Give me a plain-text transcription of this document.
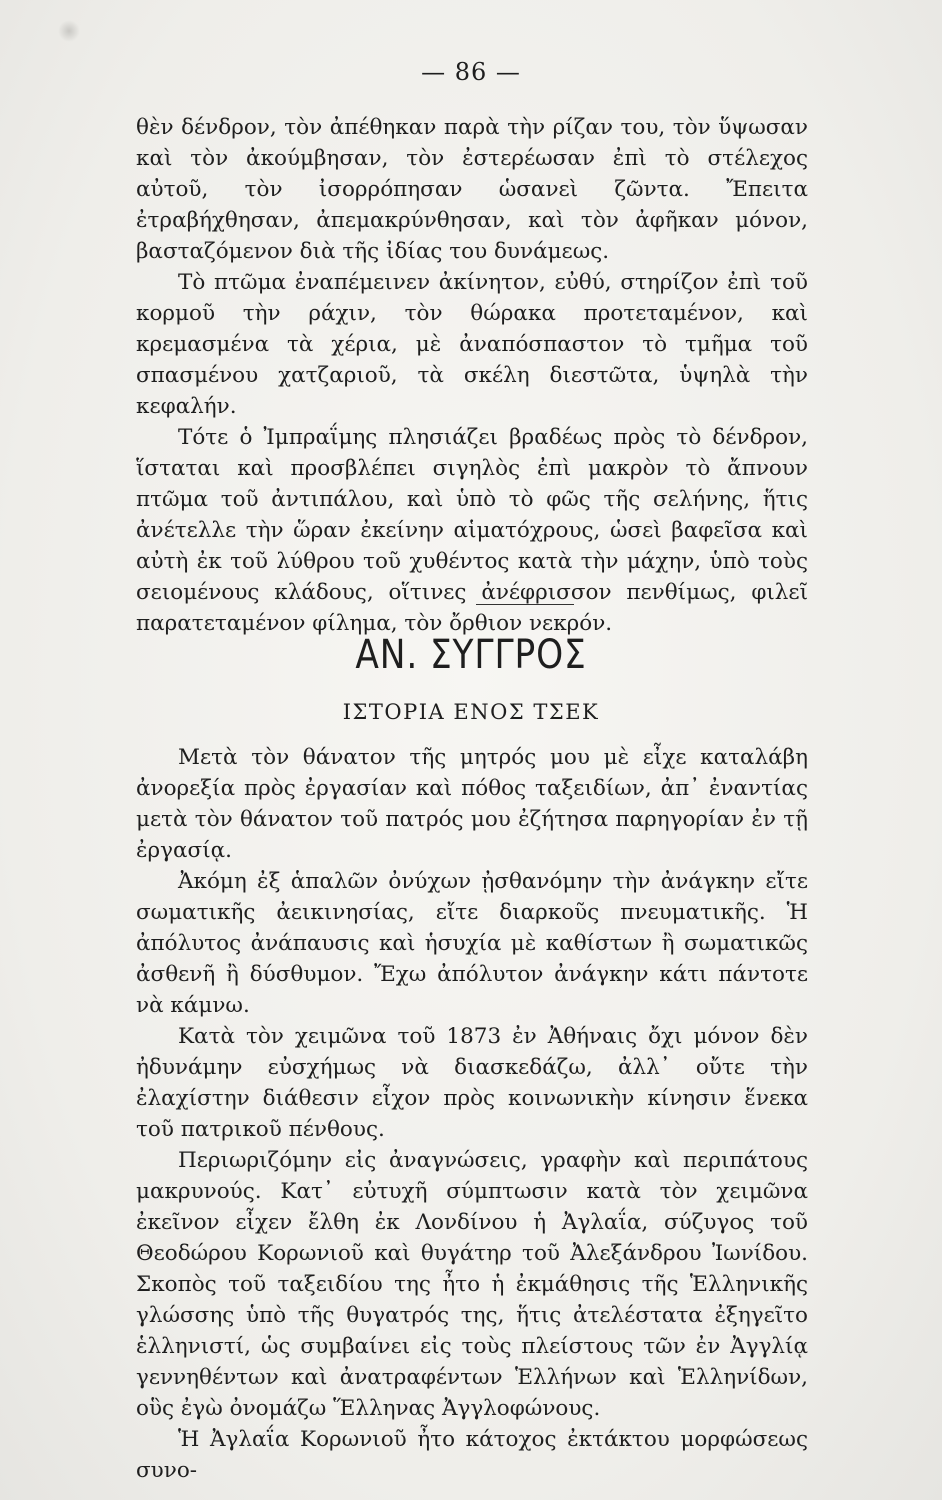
— 86 —

θὲν δένδρον, τὸν ἀπέθηκαν παρὰ τὴν ρίζαν του, τὸν ὕψωσαν καὶ τὸν ἀκούμβησαν, τὸν ἐστερέωσαν ἐπὶ τὸ στέλεχος αὐτοῦ, τὸν ἰσορρόπησαν ὡσανεὶ ζῶντα. Ἔπειτα ἐτραβήχθησαν, ἀπεμακρύνθησαν, καὶ τὸν ἀφῆκαν μόνον, βασταζόμενον διὰ τῆς ἰδίας του δυνάμεως.

Τὸ πτῶμα ἐναπέμεινεν ἀκίνητον, εὐθύ, στηρίζον ἐπὶ τοῦ κορμοῦ τὴν ράχιν, τὸν θώρακα προτεταμένον, καὶ κρεμασμένα τὰ χέρια, μὲ ἀναπόσπαστον τὸ τμῆμα τοῦ σπασμένου χατζαριοῦ, τὰ σκέλη διεστῶτα, ὑψηλὰ τὴν κεφαλήν.

Τότε ὁ Ἰμπραΐμης πλησιάζει βραδέως πρὸς τὸ δένδρον, ἵσταται καὶ προσβλέπει σιγηλὸς ἐπὶ μακρὸν τὸ ἄπνουν πτῶμα τοῦ ἀντιπάλου, καὶ ὑπὸ τὸ φῶς τῆς σελήνης, ἥτις ἀνέτελλε τὴν ὥραν ἐκείνην αἱματόχρους, ὡσεὶ βαφεῖσα καὶ αὐτὴ ἐκ τοῦ λύθρου τοῦ χυθέντος κατὰ τὴν μάχην, ὑπὸ τοὺς σειομένους κλάδους, οἵτινες ἀνέφρισσον πενθίμως, φιλεῖ παρατεταμένον φίλημα, τὸν ὄρθιον νεκρόν.

ΑΝ. ΣΥΓΓΡΟΣ
ΙΣΤΟΡΙΑ ΕΝΟΣ ΤΣΕΚ

Μετὰ τὸν θάνατον τῆς μητρός μου μὲ εἶχε καταλάβη ἀνορεξία πρὸς ἐργασίαν καὶ πόθος ταξειδίων, ἀπ᾽ ἐναντίας μετὰ τὸν θάνατον τοῦ πατρός μου ἐζήτησα παρηγορίαν ἐν τῇ ἐργασίᾳ.

Ἀκόμη ἐξ ἁπαλῶν ὀνύχων ᾐσθανόμην τὴν ἀνάγκην εἴτε σωματικῆς ἀεικινησίας, εἴτε διαρκοῦς πνευματικῆς. Ἡ ἀπόλυτος ἀνάπαυσις καὶ ἡσυχία μὲ καθίστων ἢ σωματικῶς ἀσθενῆ ἢ δύσθυμον. Ἔχω ἀπόλυτον ἀνάγκην κάτι πάντοτε νὰ κάμνω.

Κατὰ τὸν χειμῶνα τοῦ 1873 ἐν Ἀθήναις ὄχι μόνον δὲν ἠδυνάμην εὐσχήμως νὰ διασκεδάζω, ἀλλ᾽ οὔτε τὴν ἐλαχίστην διάθεσιν εἶχον πρὸς κοινωνικὴν κίνησιν ἕνεκα τοῦ πατρικοῦ πένθους.

Περιωριζόμην εἰς ἀναγνώσεις, γραφὴν καὶ περιπάτους μακρυνούς. Κατ᾽ εὐτυχῆ σύμπτωσιν κατὰ τὸν χειμῶνα ἐκεῖνον εἶχεν ἔλθη ἐκ Λονδίνου ἡ Ἀγλαΐα, σύζυγος τοῦ Θεοδώρου Κορωνιοῦ καὶ θυγάτηρ τοῦ Ἀλεξάνδρου Ἰωνίδου. Σκοπὸς τοῦ ταξειδίου της ἦτο ἡ ἐκμάθησις τῆς Ἑλληνικῆς γλώσσης ὑπὸ τῆς θυγατρός της, ἥτις ἀτελέστατα ἐξηγεῖτο ἑλληνιστί, ὡς συμβαίνει εἰς τοὺς πλείστους τῶν ἐν Ἀγγλίᾳ γεννηθέντων καὶ ἀνατραφέντων Ἑλλήνων καὶ Ἑλληνίδων, οὓς ἐγὼ ὀνομάζω Ἕλληνας Ἀγγλοφώνους.

Ἡ Ἀγλαΐα Κορωνιοῦ ἦτο κάτοχος ἐκτάκτου μορφώσεως συνο-
